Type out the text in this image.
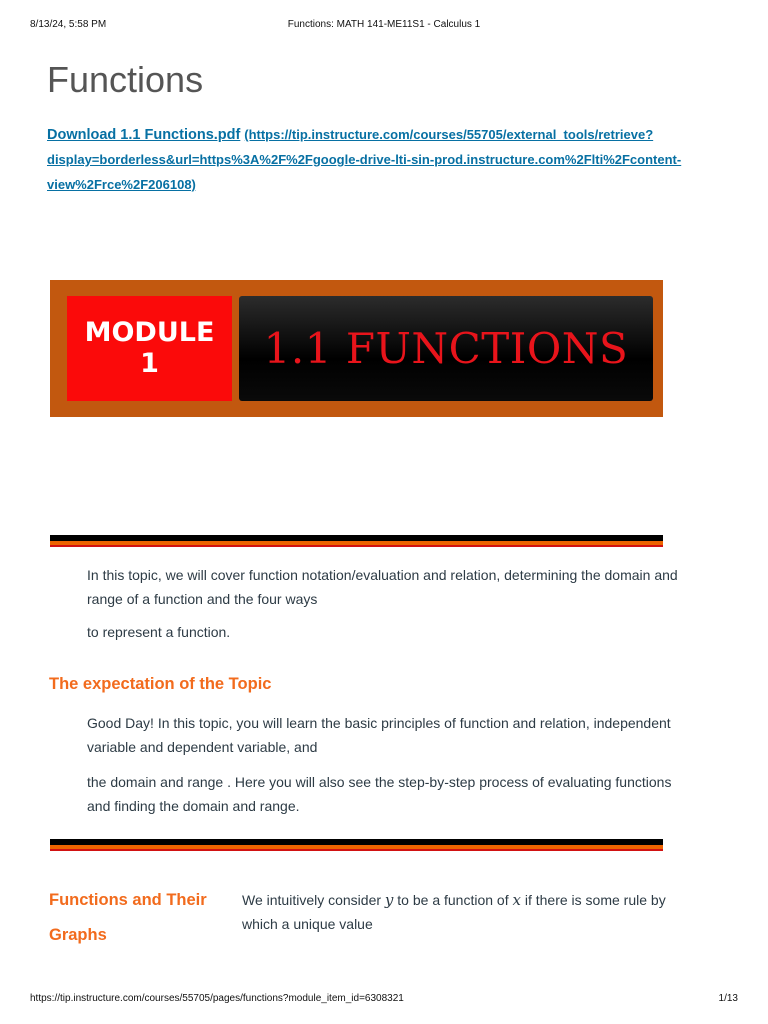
8/13/24, 5:58 PM	Functions: MATH 141-ME11S1 - Calculus 1
Functions
Download 1.1 Functions.pdf (https://tip.instructure.com/courses/55705/external_tools/retrieve?display=borderless&url=https%3A%2F%2Fgoogle-drive-lti-sin-prod.instructure.com%2Flti%2Fcontent-view%2Frce%2F206108)
MODULE
1	1.1 FUNCTIONS

In this topic, we will cover function notation/evaluation and relation, determining the domain and range of a function and the four ways

to represent a function.

The expectation of the Topic

Good Day! In this topic, you will learn the basic principles of function and relation, independent variable and dependent variable, and

the domain and range . Here you will also see the step-by-step process of evaluating functions and finding the domain and range.

Functions and Their Graphs

We intuitively consider y to be a function of x if there is some rule by which a unique value

https://tip.instructure.com/courses/55705/pages/functions?module_item_id=6308321	1/13
